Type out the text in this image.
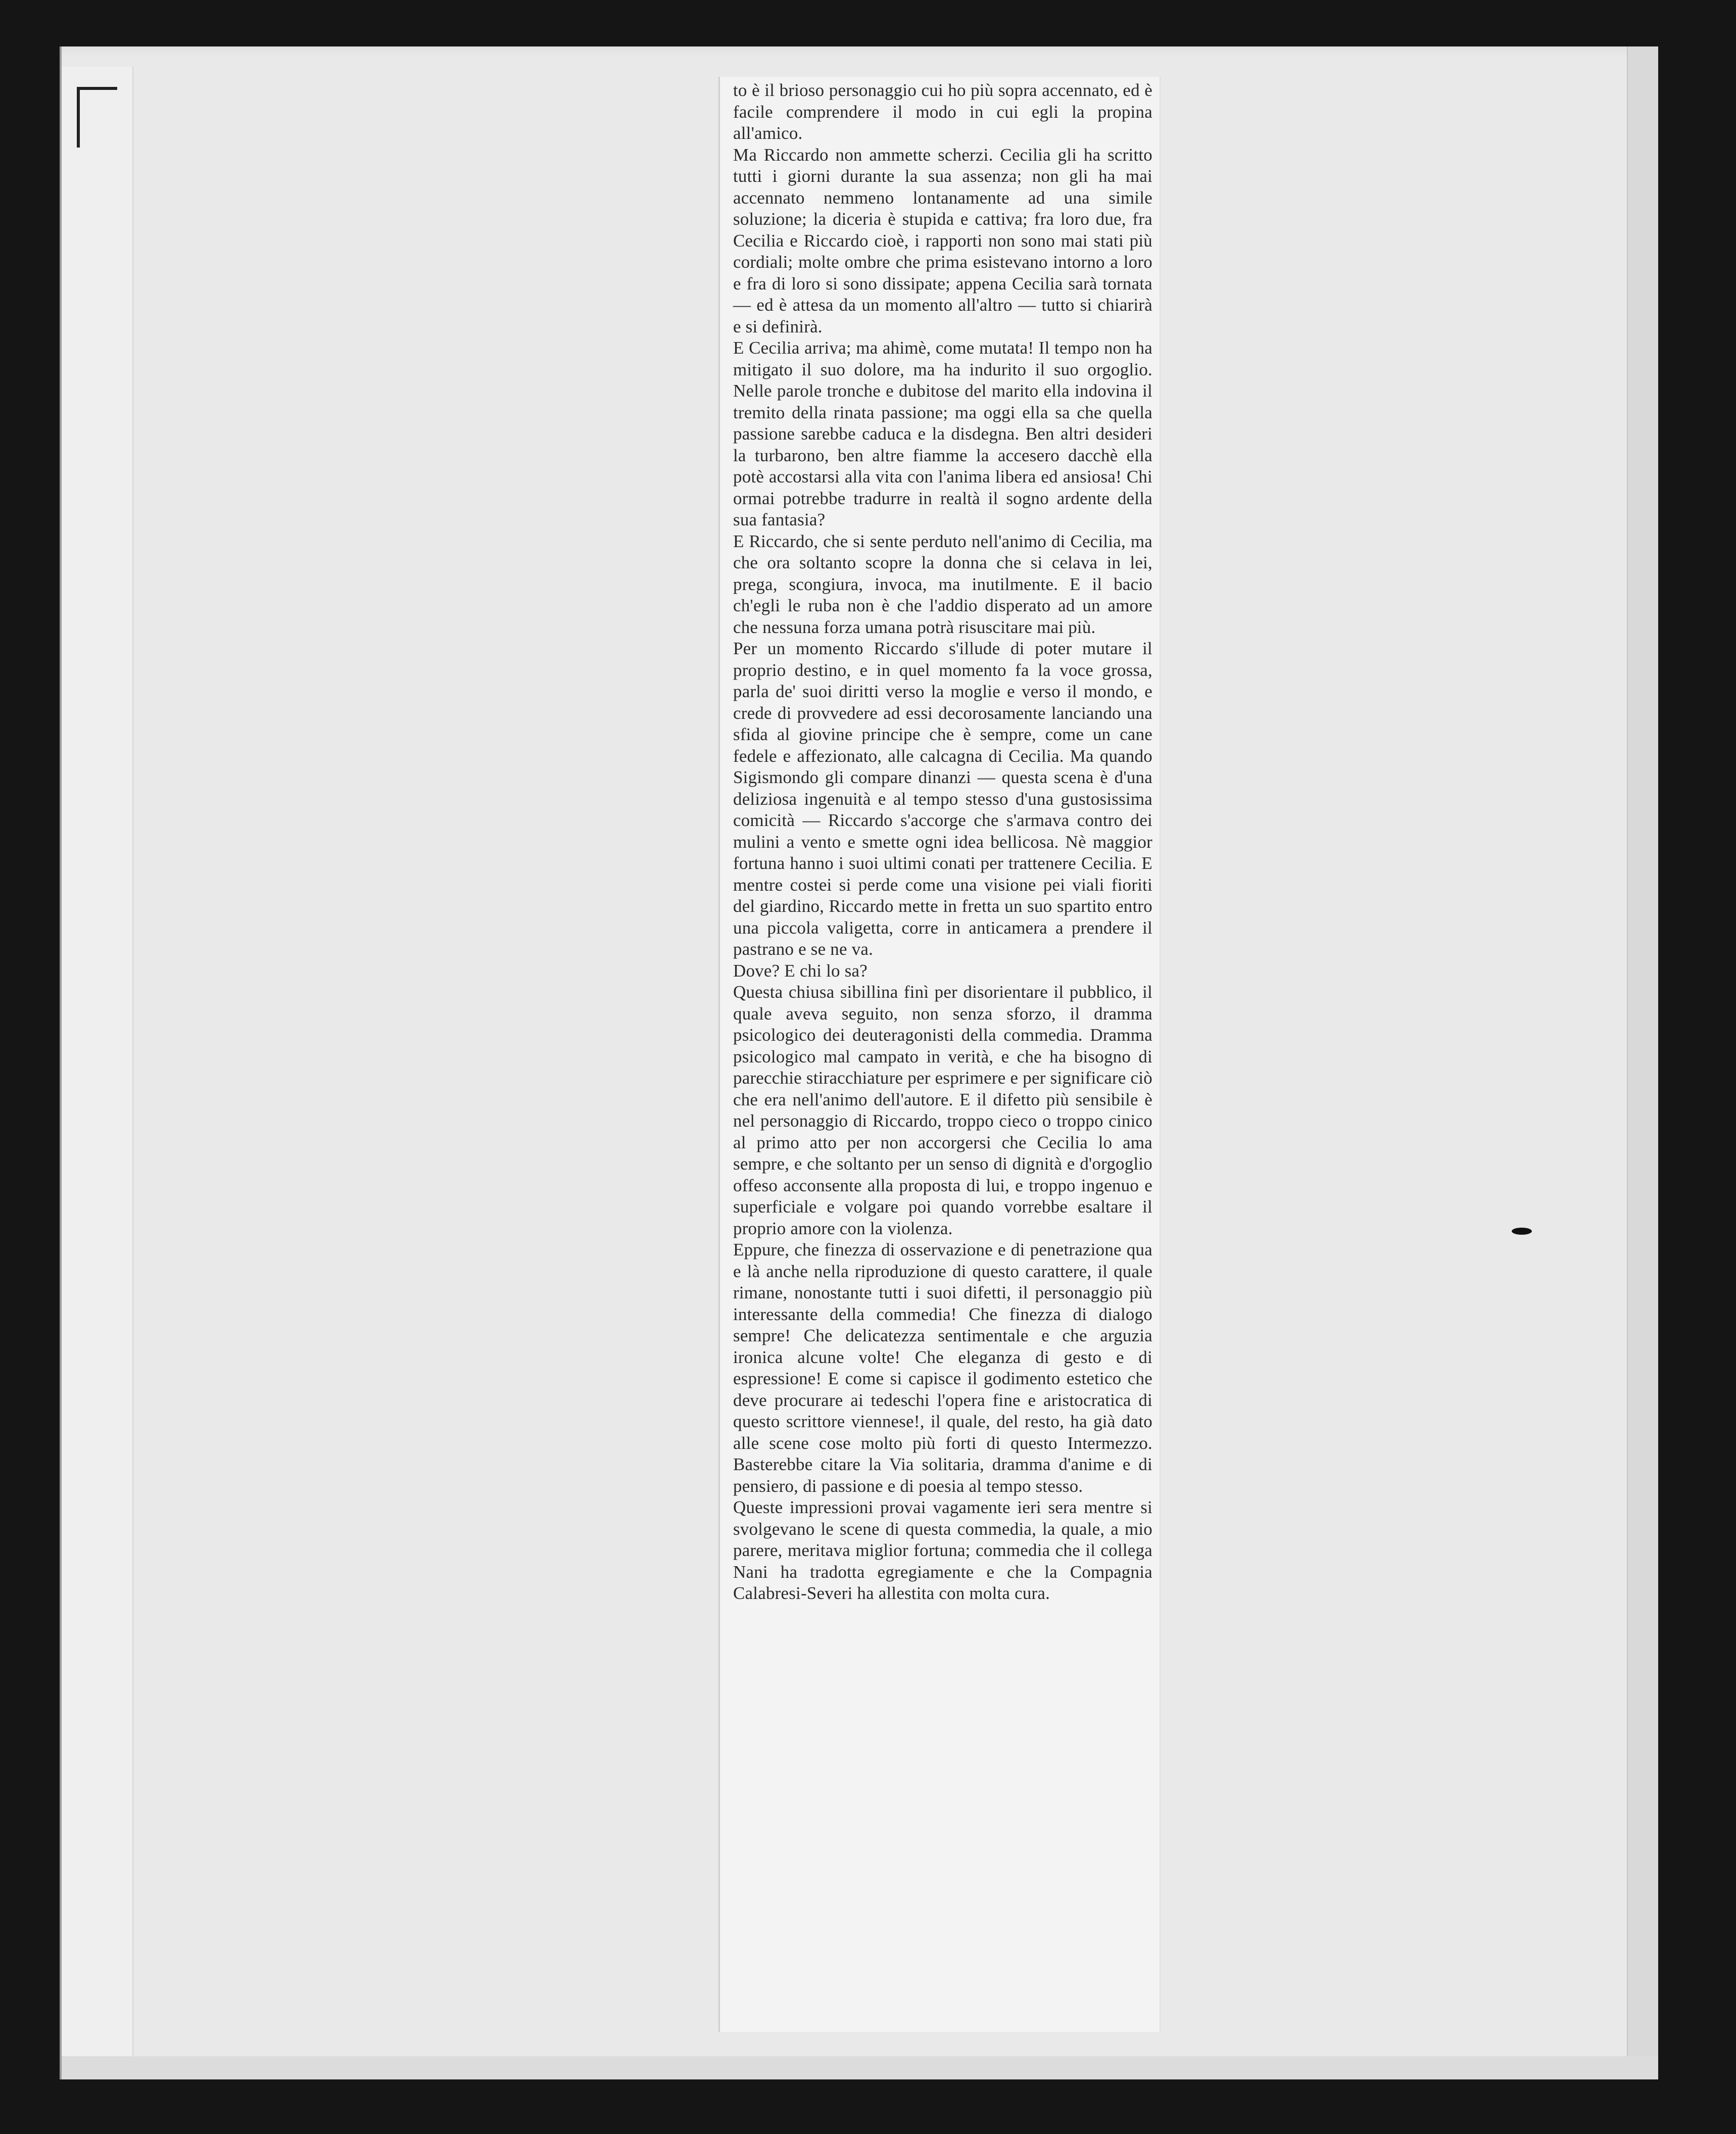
to è il brioso personaggio cui ho più sopra accennato, ed è facile comprendere il modo in cui egli la propina all'amico.
Ma Riccardo non ammette scherzi. Cecilia gli ha scritto tutti i giorni durante la sua assenza; non gli ha mai accennato nemmeno lontanamente ad una simile soluzione; la diceria è stupida e cattiva; fra loro due, fra Cecilia e Riccardo cioè, i rapporti non sono mai stati più cordiali; molte ombre che prima esistevano intorno a loro e fra di loro si sono dissipate; appena Cecilia sarà tornata — ed è attesa da un momento all'altro — tutto si chiarirà e si definirà.
E Cecilia arriva; ma ahimè, come mutata! Il tempo non ha mitigato il suo dolore, ma ha indurito il suo orgoglio. Nelle parole tronche e dubitose del marito ella indovina il tremito della rinata passione; ma oggi ella sa che quella passione sarebbe caduca e la disdegna. Ben altri desideri la turbarono, ben altre fiamme la accesero dacchè ella potè accostarsi alla vita con l'anima libera ed ansiosa! Chi ormai potrebbe tradurre in realtà il sogno ardente della sua fantasia?
E Riccardo, che si sente perduto nell'animo di Cecilia, ma che ora soltanto scopre la donna che si celava in lei, prega, scongiura, invoca, ma inutilmente. E il bacio ch'egli le ruba non è che l'addio disperato ad un amore che nessuna forza umana potrà risuscitare mai più.
Per un momento Riccardo s'illude di poter mutare il proprio destino, e in quel momento fa la voce grossa, parla de' suoi diritti verso la moglie e verso il mondo, e crede di provvedere ad essi decorosamente lanciando una sfida al giovine principe che è sempre, come un cane fedele e affezionato, alle calcagna di Cecilia. Ma quando Sigismondo gli compare dinanzi — questa scena è d'una deliziosa ingenuità e al tempo stesso d'una gustosissima comicità — Riccardo s'accorge che s'armava contro dei mulini a vento e smette ogni idea bellicosa. Nè maggior fortuna hanno i suoi ultimi conati per trattenere Cecilia. E mentre costei si perde come una visione pei viali fioriti del giardino, Riccardo mette in fretta un suo spartito entro una piccola valigetta, corre in anticamera a prendere il pastrano e se ne va.
Dove? E chi lo sa?
Questa chiusa sibillina finì per disorientare il pubblico, il quale aveva seguito, non senza sforzo, il dramma psicologico dei deuteragonisti della commedia. Dramma psicologico mal campato in verità, e che ha bisogno di parecchie stiracchiature per esprimere e per significare ciò che era nell'animo dell'autore. E il difetto più sensibile è nel personaggio di Riccardo, troppo cieco o troppo cinico al primo atto per non accorgersi che Cecilia lo ama sempre, e che soltanto per un senso di dignità e d'orgoglio offeso acconsente alla proposta di lui, e troppo ingenuo e superficiale e volgare poi quando vorrebbe esaltare il proprio amore con la violenza.
Eppure, che finezza di osservazione e di penetrazione qua e là anche nella riproduzione di questo carattere, il quale rimane, nonostante tutti i suoi difetti, il personaggio più interessante della commedia! Che finezza di dialogo sempre! Che delicatezza sentimentale e che arguzia ironica alcune volte! Che eleganza di gesto e di espressione! E come si capisce il godimento estetico che deve procurare ai tedeschi l'opera fine e aristocratica di questo scrittore viennese!, il quale, del resto, ha già dato alle scene cose molto più forti di questo Intermezzo. Basterebbe citare la Via solitaria, dramma d'anime e di pensiero, di passione e di poesia al tempo stesso.
Queste impressioni provai vagamente ieri sera mentre si svolgevano le scene di questa commedia, la quale, a mio parere, meritava miglior fortuna; commedia che il collega Nani ha tradotta egregiamente e che la Compagnia Calabresi-Severi ha allestita con molta cura.
